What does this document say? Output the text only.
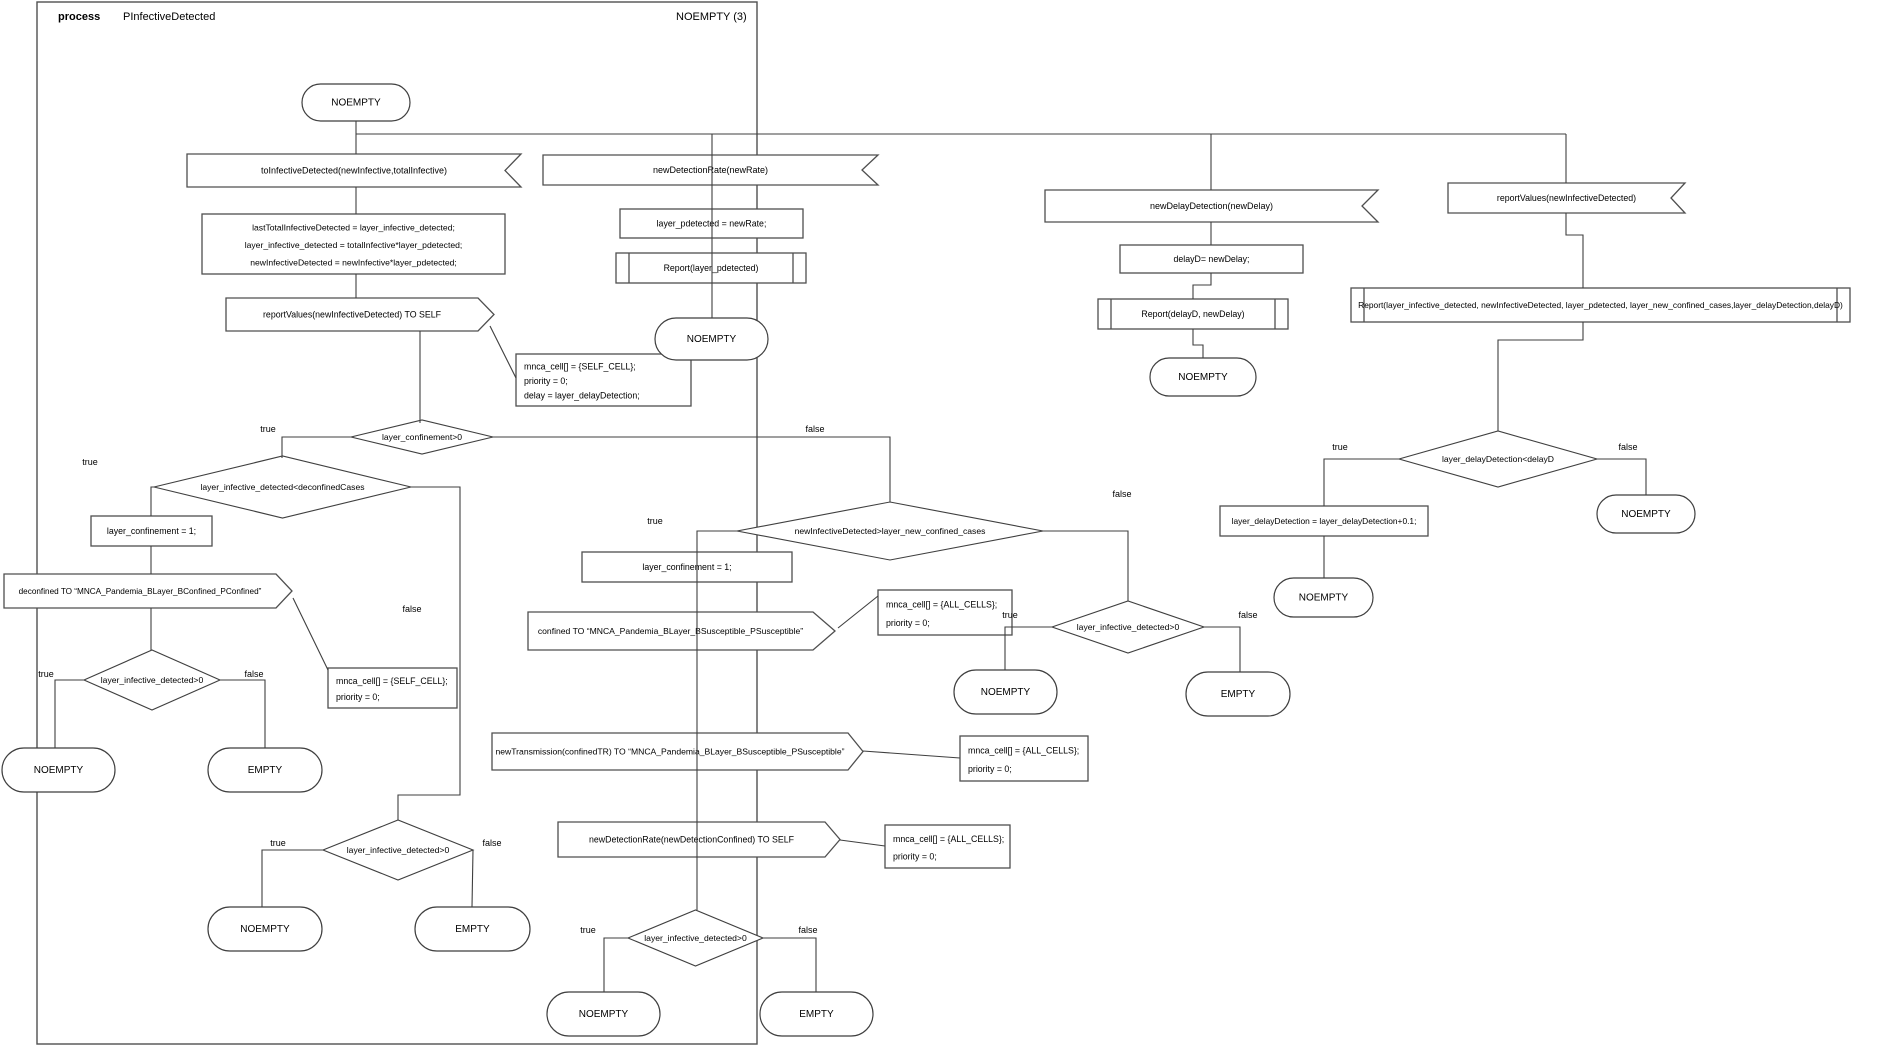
NOEMPTY
toInfectiveDetected(newInfective,totalInfective)
lastTotalInfectiveDetected = layer_infective_detected;
layer_infective_detected = totalInfective*layer_pdetected;
newInfectiveDetected = newInfective*layer_pdetected;
reportValues(newInfectiveDetected) TO SELF
mnca_cell[] = {SELF_CELL};
priority = 0;
delay = layer_delayDetection;
layer_confinement>0
layer_infective_detected<deconfinedCases
layer_confinement = 1;
deconfined TO “MNCA_Pandemia_BLayer_BConfined_PConfined”
mnca_cell[] = {SELF_CELL};
priority = 0;
layer_infective_detected>0
NOEMPTY	EMPTY
layer_infective_detected>0
NOEMPTY	EMPTY
newDetectionRate(newRate)
layer_pdetected = newRate;
Report(layer_pdetected)
NOEMPTY
newInfectiveDetected>layer_new_confined_cases
layer_confinement = 1;
confined TO “MNCA_Pandemia_BLayer_BSusceptible_PSusceptible”
mnca_cell[] = {ALL_CELLS};
priority = 0;	layer_infective_detected>0
NOEMPTY	EMPTY
newTransmission(confinedTR) TO “MNCA_Pandemia_BLayer_BSusceptible_PSusceptible”	mnca_cell[] = {ALL_CELLS};
priority = 0;
newDetectionRate(newDetectionConfined) TO SELF	mnca_cell[] = {ALL_CELLS};
priority = 0;
layer_infective_detected>0
NOEMPTY	EMPTY
newDelayDetection(newDelay)
delayD= newDelay;
Report(delayD, newDelay)
NOEMPTY
reportValues(newInfectiveDetected)
Report(layer_infective_detected, newInfectiveDetected, layer_pdetected, layer_new_confined_cases,layer_delayDetection,delayD)
layer_delayDetection<delayD
layer_delayDetection = layer_delayDetection+0.1;
NOEMPTY
NOEMPTY
true	false
true
false
true	false
true	false
true
false
true	false
true	false
true	false
process PInfectiveDetected	NOEMPTY (3)
